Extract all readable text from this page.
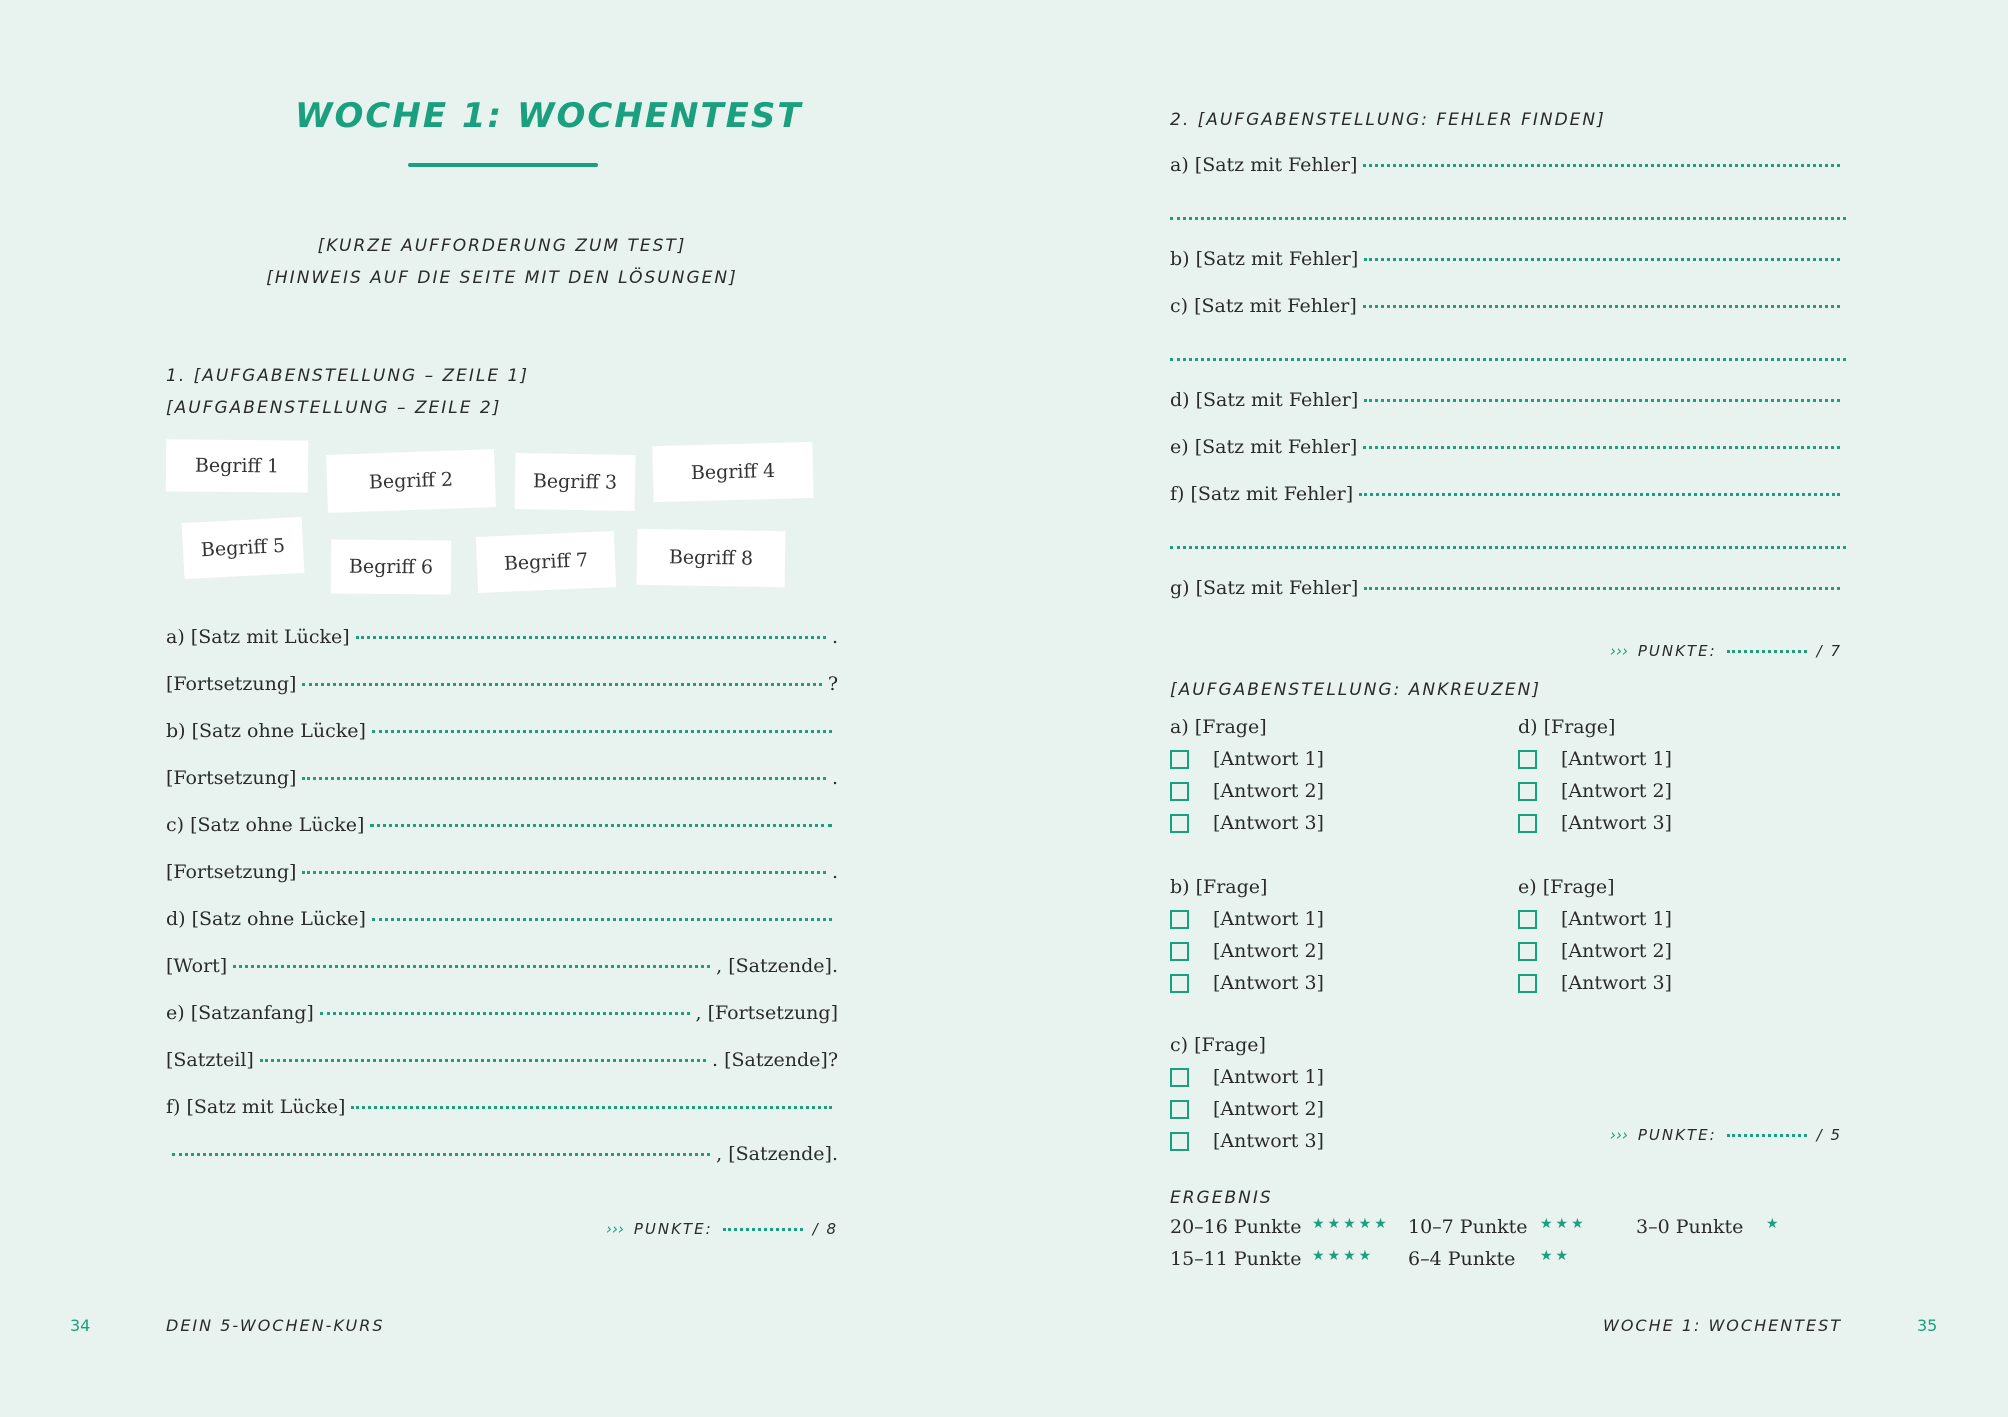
WOCHE 1: WOCHENTEST
[KURZE AUFFORDERUNG ZUM TEST]
[HINWEIS AUF DIE SEITE MIT DEN LÖSUNGEN]
1. [AUFGABENSTELLUNG – ZEILE 1]
[AUFGABENSTELLUNG – ZEILE 2]
Begriff 1
Begriff 2	Begriff 3	Begriff 4
Begriff 5
Begriff 6	Begriff 7	Begriff 8
a) [Satz mit Lücke]	.
[Fortsetzung]	?
b) [Satz ohne Lücke]
[Fortsetzung]	.
c) [Satz ohne Lücke]
[Fortsetzung]	.
d) [Satz ohne Lücke]
[Wort]	, [Satzende].
e) [Satzanfang]	, [Fortsetzung]
[Satzteil]	. [Satzende]?
f) [Satz mit Lücke]
, [Satzende].
››› PUNKTE:	/ 8
34	DEIN 5-WOCHEN-KURS
2. [AUFGABENSTELLUNG: FEHLER FINDEN]
a) [Satz mit Fehler]
b) [Satz mit Fehler]
c) [Satz mit Fehler]
d) [Satz mit Fehler]
e) [Satz mit Fehler]
f) [Satz mit Fehler]
g) [Satz mit Fehler]
››› PUNKTE:	/ 7
[AUFGABENSTELLUNG: ANKREUZEN]
a) [Frage]
[Antwort 1]
[Antwort 2]
[Antwort 3]
b) [Frage]
[Antwort 1]
[Antwort 2]
[Antwort 3]
c) [Frage]
[Antwort 1]
[Antwort 2]
[Antwort 3]
d) [Frage]
[Antwort 1]
[Antwort 2]
[Antwort 3]
e) [Frage]
[Antwort 1]
[Antwort 2]
[Antwort 3]
››› PUNKTE:	/ 5
ERGEBNIS
20–16 Punkte ★★★★★
15–11 Punkte ★★★★
10–7 Punkte ★★★
6–4 Punkte ★★
3–0 Punkte ★
WOCHE 1: WOCHENTEST	35
